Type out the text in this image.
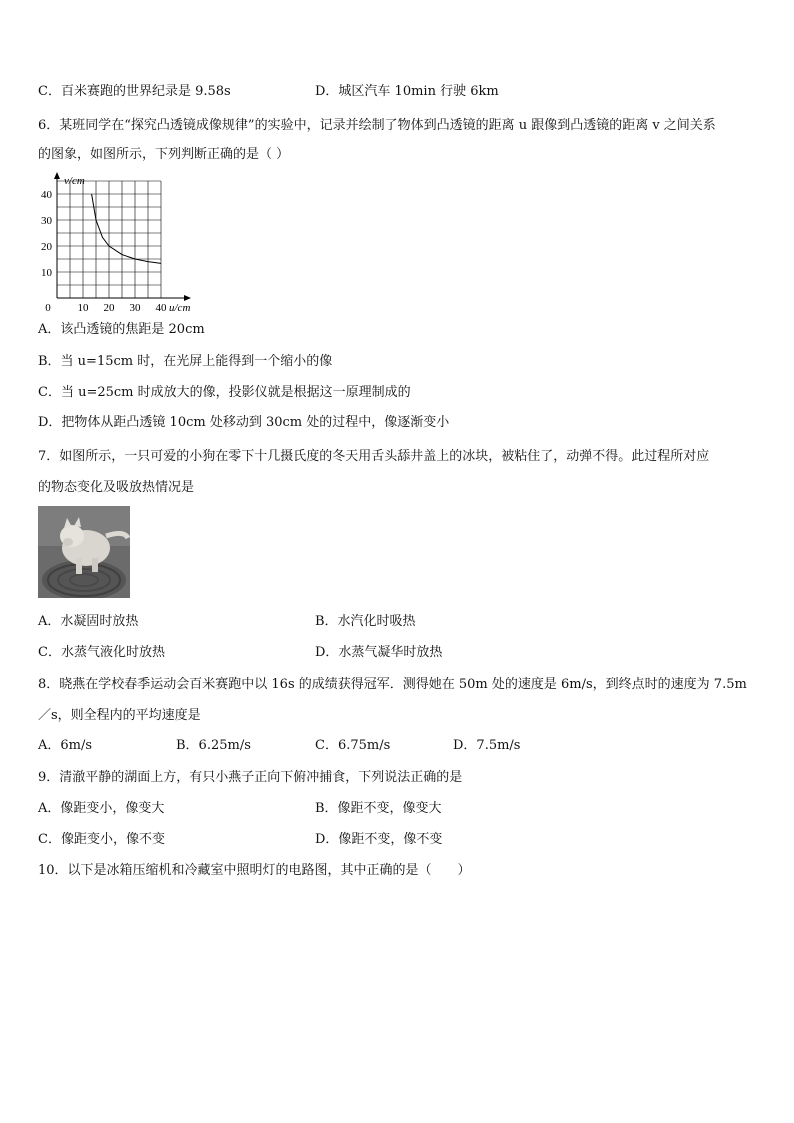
C．百米赛跑的世界纪录是 9.58s	D．城区汽车 10min 行驶 6km
6．某班同学在“探究凸透镜成像规律”的实验中，记录并绘制了物体到凸透镜的距离 u 跟像到凸透镜的距离 v 之间关系
的图象，如图所示，下列判断正确的是（ ）
0 10 20 30 40
10
20
30
40
v/cm
u/cm
A．该凸透镜的焦距是 20cm
B．当 u=15cm 时，在光屏上能得到一个缩小的像
C．当 u=25cm 时成放大的像，投影仪就是根据这一原理制成的
D．把物体从距凸透镜 10cm 处移动到 30cm 处的过程中，像逐渐变小
7．如图所示，一只可爱的小狗在零下十几摄氏度的冬天用舌头舔井盖上的冰块，被粘住了，动弹不得。此过程所对应
的物态变化及吸放热情况是
A．水凝固时放热	B．水汽化时吸热
C．水蒸气液化时放热	D．水蒸气凝华时放热
8．晓燕在学校春季运动会百米赛跑中以 16s 的成绩获得冠军．测得她在 50m 处的速度是 6m/s，到终点时的速度为 7.5m
／s，则全程内的平均速度是
A．6m/s	B．6.25m/s	C．6.75m/s	D．7.5m/s
9．清澈平静的湖面上方，有只小燕子正向下俯冲捕食，下列说法正确的是
A．像距变小，像变大	B．像距不变，像变大
C．像距变小，像不变	D．像距不变，像不变
10．以下是冰箱压缩机和冷藏室中照明灯的电路图，其中正确的是（　　）
